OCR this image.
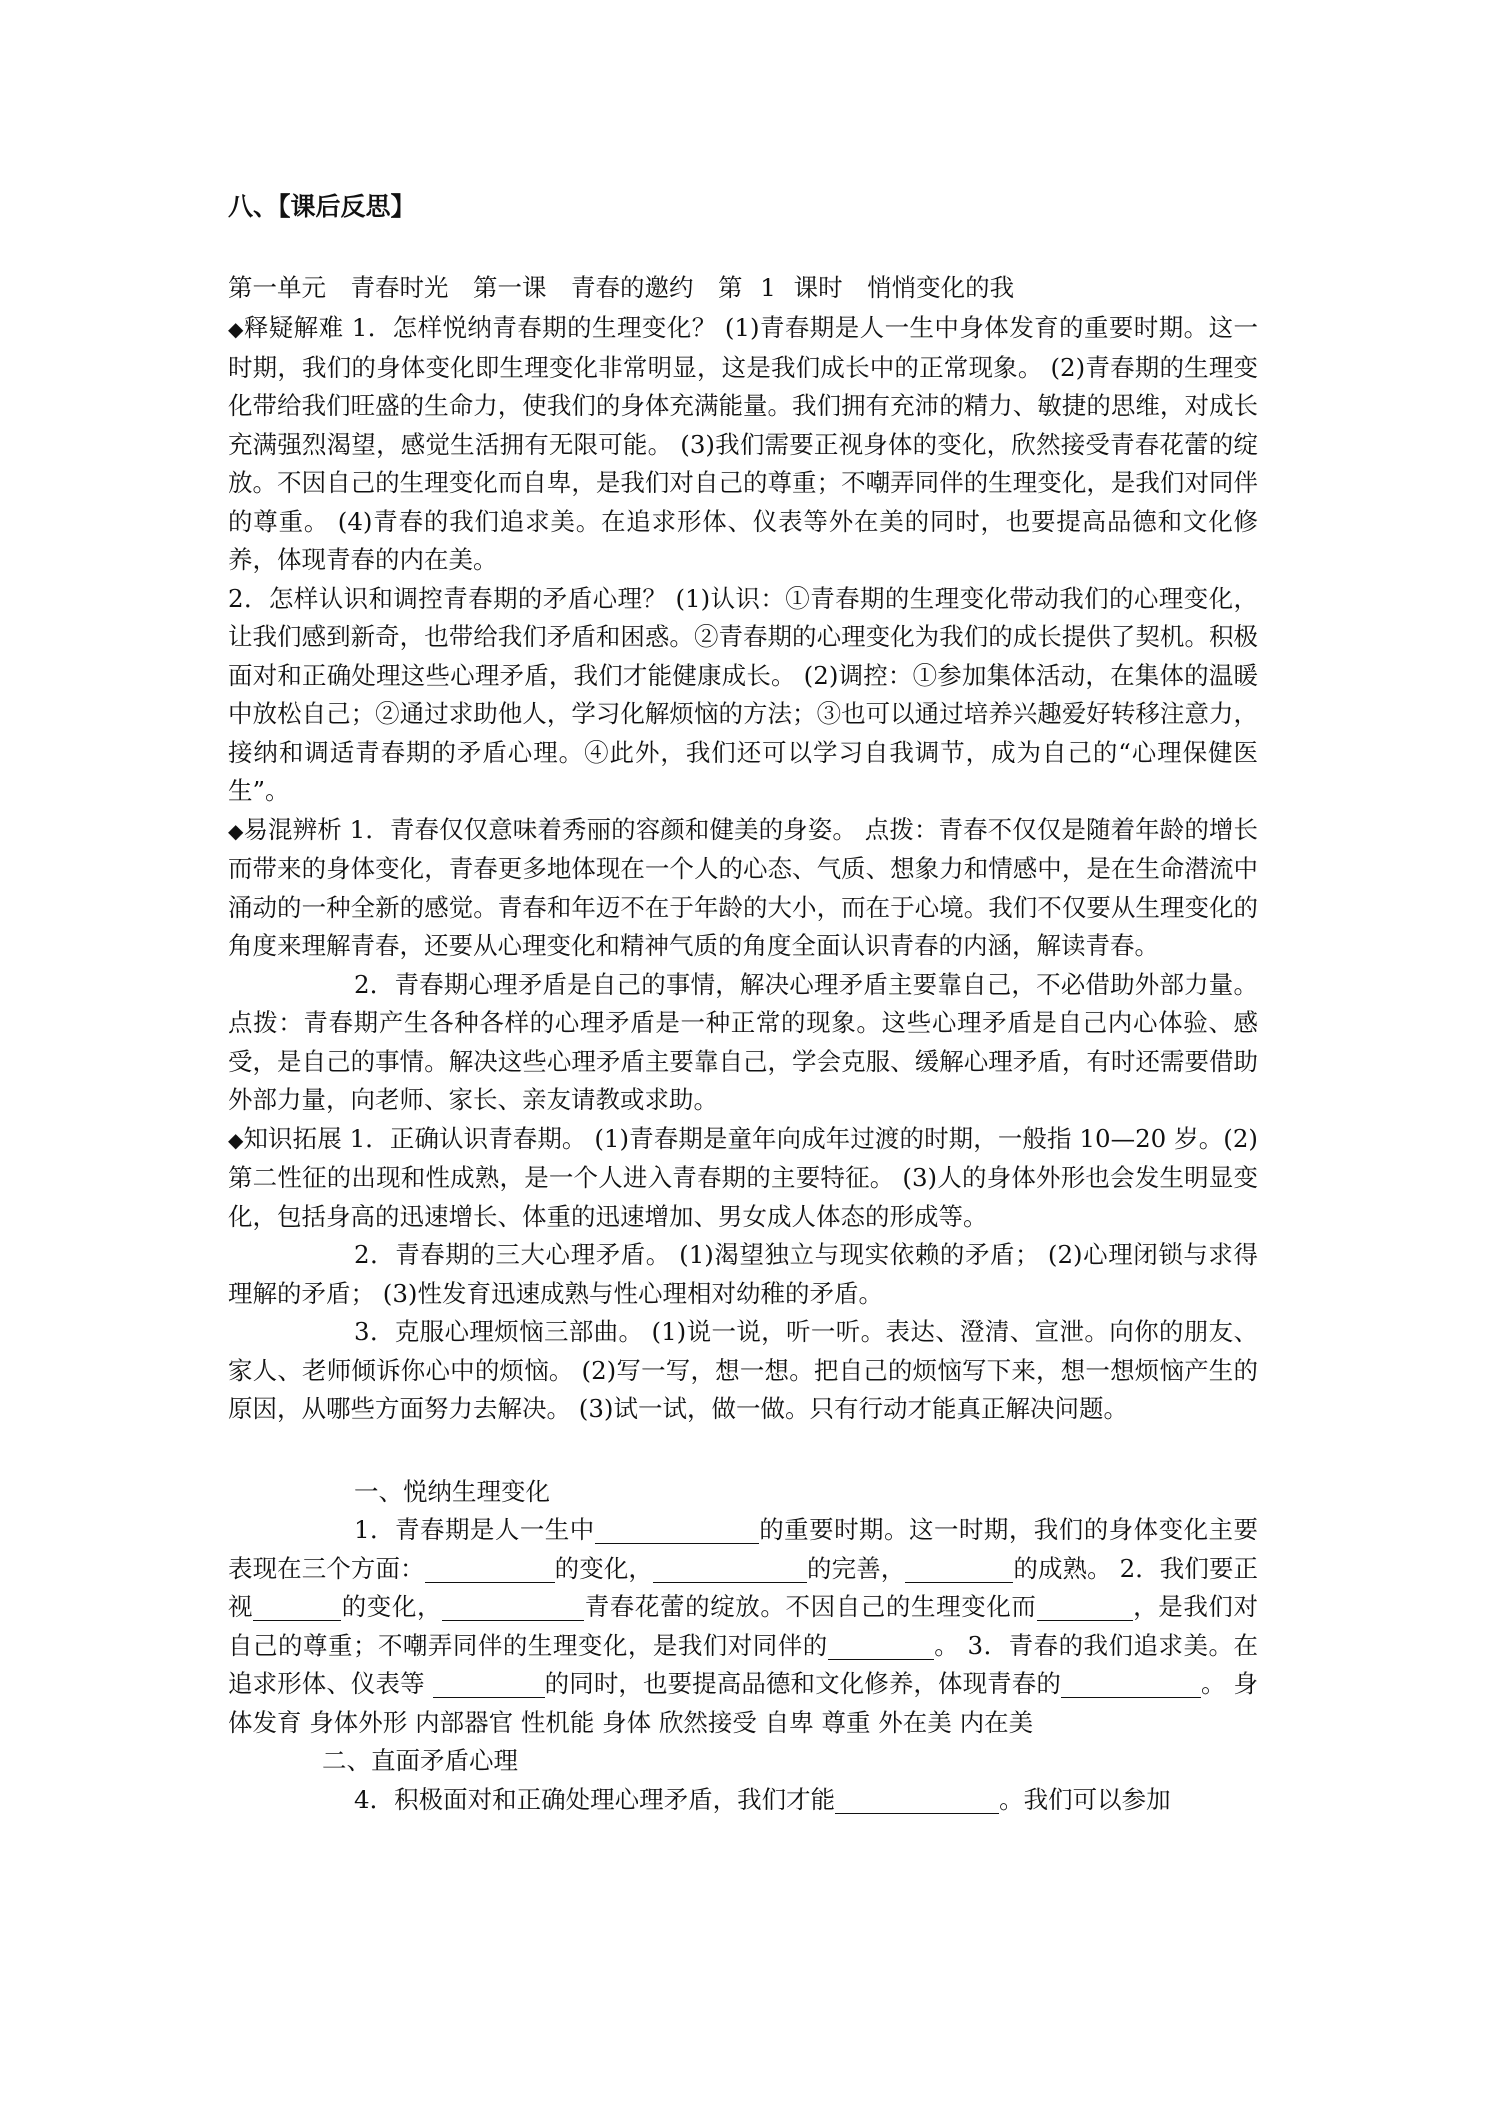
八、【课后反思】
第一单元　青春时光　第一课　青春的邀约　第 1 课时　悄悄变化的我
◆释疑解难 1．怎样悦纳青春期的生理变化？ (1)青春期是人一生中身体发育的重要时期。这一时期，我们的身体变化即生理变化非常明显，这是我们成长中的正常现象。 (2)青春期的生理变化带给我们旺盛的生命力，使我们的身体充满能量。我们拥有充沛的精力、敏捷的思维，对成长充满强烈渴望，感觉生活拥有无限可能。 (3)我们需要正视身体的变化，欣然接受青春花蕾的绽放。不因自己的生理变化而自卑，是我们对自己的尊重；不嘲弄同伴的生理变化，是我们对同伴的尊重。 (4)青春的我们追求美。在追求形体、仪表等外在美的同时，也要提高品德和文化修养，体现青春的内在美。
2．怎样认识和调控青春期的矛盾心理？ (1)认识：①青春期的生理变化带动我们的心理变化，让我们感到新奇，也带给我们矛盾和困惑。②青春期的心理变化为我们的成长提供了契机。积极面对和正确处理这些心理矛盾，我们才能健康成长。 (2)调控：①参加集体活动，在集体的温暖中放松自己；②通过求助他人，学习化解烦恼的方法；③也可以通过培养兴趣爱好转移注意力，接纳和调适青春期的矛盾心理。④此外，我们还可以学习自我调节，成为自己的“心理保健医生”。
◆易混辨析 1．青春仅仅意味着秀丽的容颜和健美的身姿。 点拨：青春不仅仅是随着年龄的增长而带来的身体变化，青春更多地体现在一个人的心态、气质、想象力和情感中，是在生命潜流中涌动的一种全新的感觉。青春和年迈不在于年龄的大小，而在于心境。我们不仅要从生理变化的角度来理解青春，还要从心理变化和精神气质的角度全面认识青春的内涵，解读青春。
2．青春期心理矛盾是自己的事情，解决心理矛盾主要靠自己，不必借助外部力量。 点拨：青春期产生各种各样的心理矛盾是一种正常的现象。这些心理矛盾是自己内心体验、感受，是自己的事情。解决这些心理矛盾主要靠自己，学会克服、缓解心理矛盾，有时还需要借助外部力量，向老师、家长、亲友请教或求助。
◆知识拓展 1．正确认识青春期。 (1)青春期是童年向成年过渡的时期，一般指 10—20 岁。(2)第二性征的出现和性成熟，是一个人进入青春期的主要特征。 (3)人的身体外形也会发生明显变化，包括身高的迅速增长、体重的迅速增加、男女成人体态的形成等。
2．青春期的三大心理矛盾。 (1)渴望独立与现实依赖的矛盾； (2)心理闭锁与求得理解的矛盾； (3)性发育迅速成熟与性心理相对幼稚的矛盾。
3．克服心理烦恼三部曲。 (1)说一说，听一听。表达、澄清、宣泄。向你的朋友、家人、老师倾诉你心中的烦恼。 (2)写一写，想一想。把自己的烦恼写下来，想一想烦恼产生的原因，从哪些方面努力去解决。 (3)试一试，做一做。只有行动才能真正解决问题。
一、悦纳生理变化
1．青春期是人一生中	的重要时期。这一时期，我们的身体变化主要表现在三个方面：	的变化，	的完善，	的成熟。 2．我们要正视	的变化，	青春花蕾的绽放。不因自己的生理变化而	，是我们对自己的尊重；不嘲弄同伴的生理变化，是我们对同伴的	。 3．青春的我们追求美。在追求形体、仪表等	的同时，也要提高品德和文化修养，体现青春的	。 身体发育 身体外形 内部器官 性机能 身体 欣然接受 自卑 尊重 外在美 内在美
二、直面矛盾心理
4．积极面对和正确处理心理矛盾，我们才能	。我们可以参加
